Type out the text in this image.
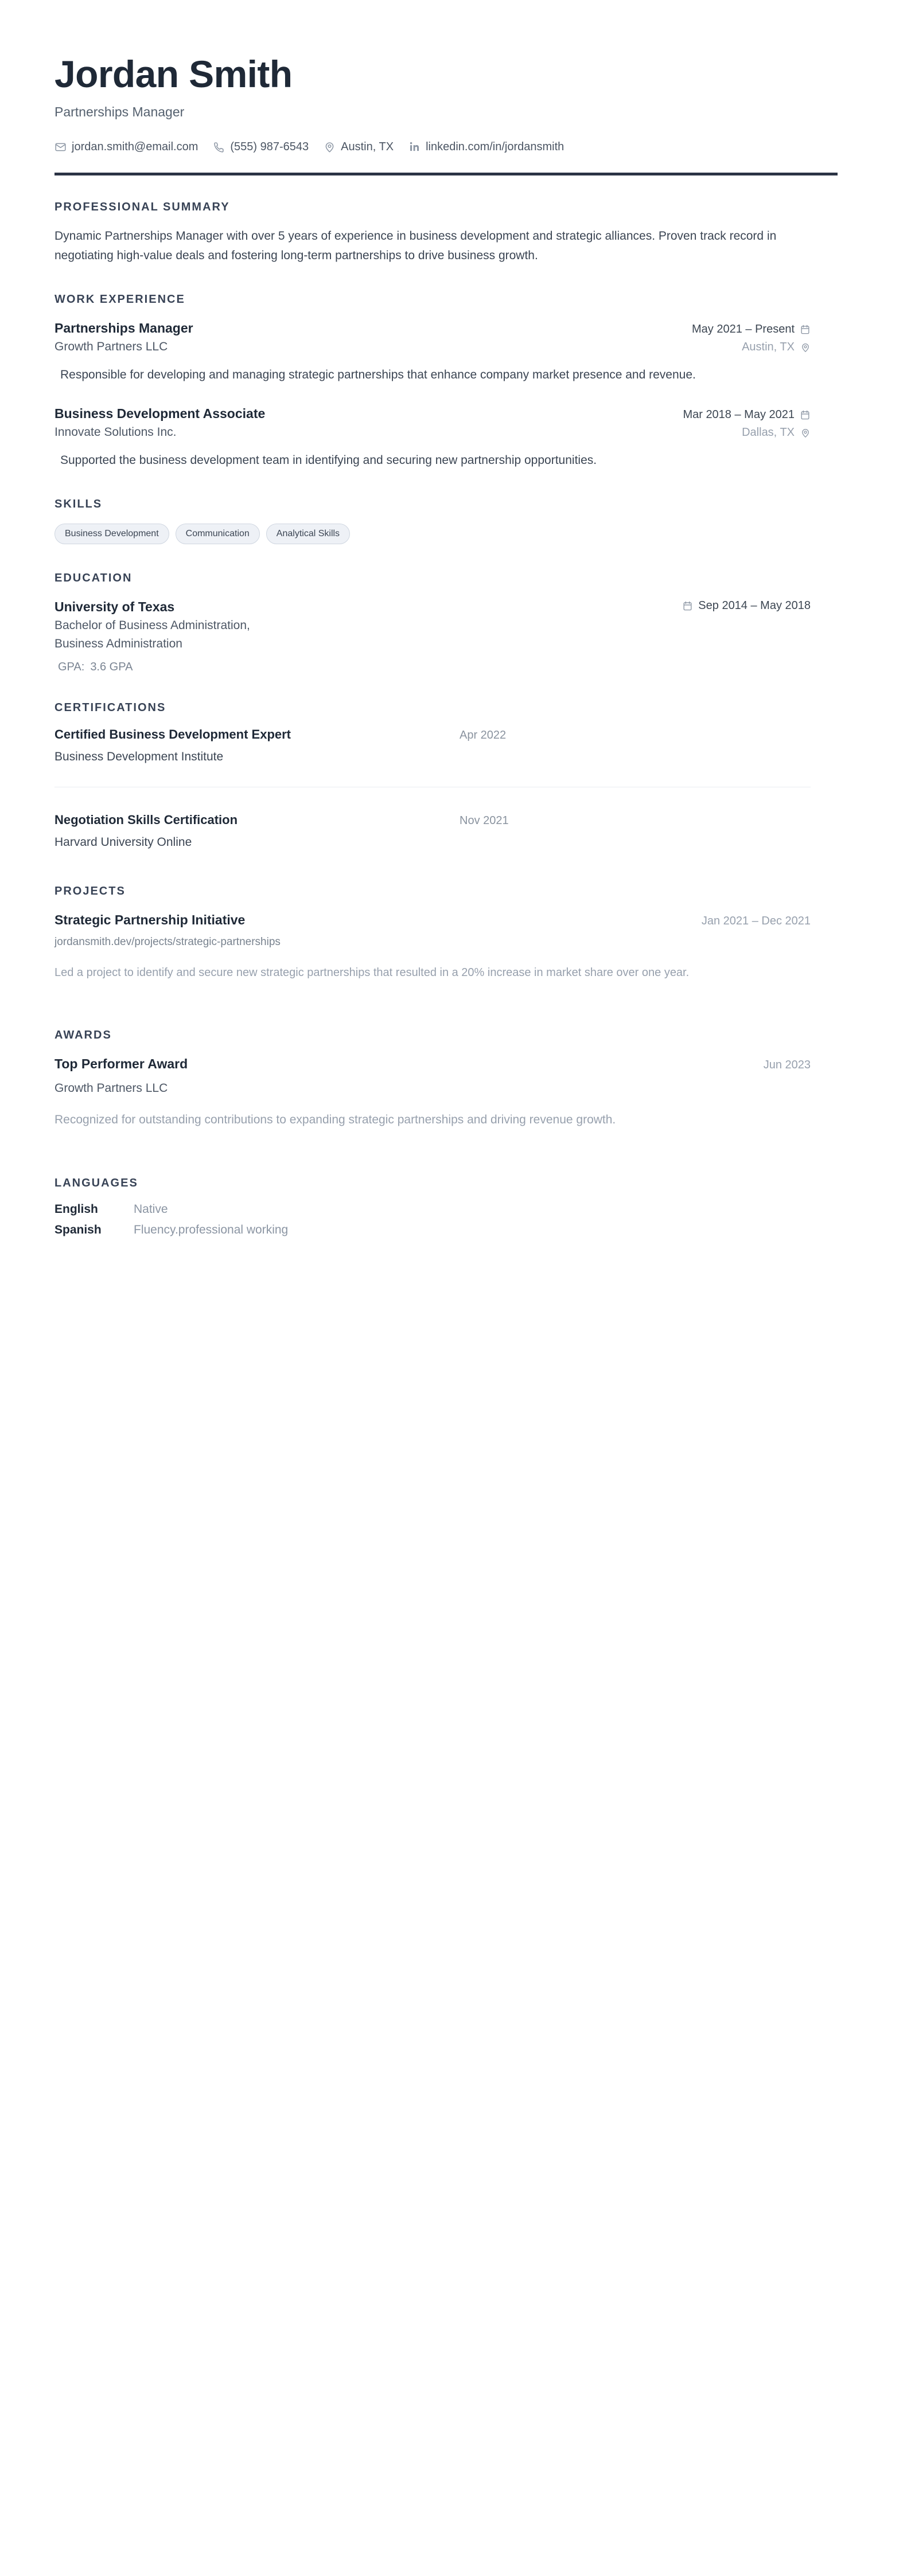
Jordan Smith
Partnerships Manager
jordan.smith@email.com	(555) 987-6543	Austin, TX	linkedin.com/in/jordansmith
PROFESSIONAL SUMMARY

Dynamic Partnerships Manager with over 5 years of experience in business development and strategic alliances. Proven track record in negotiating high-value deals and fostering long-term partnerships to drive business growth.

WORK EXPERIENCE
Partnerships Manager	May 2021 – Present
Growth Partners LLC	Austin, TX

Responsible for developing and managing strategic partnerships that enhance company market presence and revenue.

Business Development Associate	Mar 2018 – May 2021
Innovate Solutions Inc.	Dallas, TX

Supported the business development team in identifying and securing new partnership opportunities.

SKILLS
Business Development	Communication	Analytical Skills
EDUCATION
University of Texas	Sep 2014 – May 2018
Bachelor of Business Administration,
Business Administration
GPA: 3.6 GPA
CERTIFICATIONS
Certified Business Development Expert	Apr 2022
Business Development Institute
Negotiation Skills Certification	Nov 2021
Harvard University Online
PROJECTS
Strategic Partnership Initiative	Jan 2021 – Dec 2021
jordansmith.dev/projects/strategic-partnerships

Led a project to identify and secure new strategic partnerships that resulted in a 20% increase in market share over one year.

AWARDS
Top Performer Award	Jun 2023
Growth Partners LLC

Recognized for outstanding contributions to expanding strategic partnerships and driving revenue growth.

LANGUAGES
English	Native
Spanish	Fluency.professional working
